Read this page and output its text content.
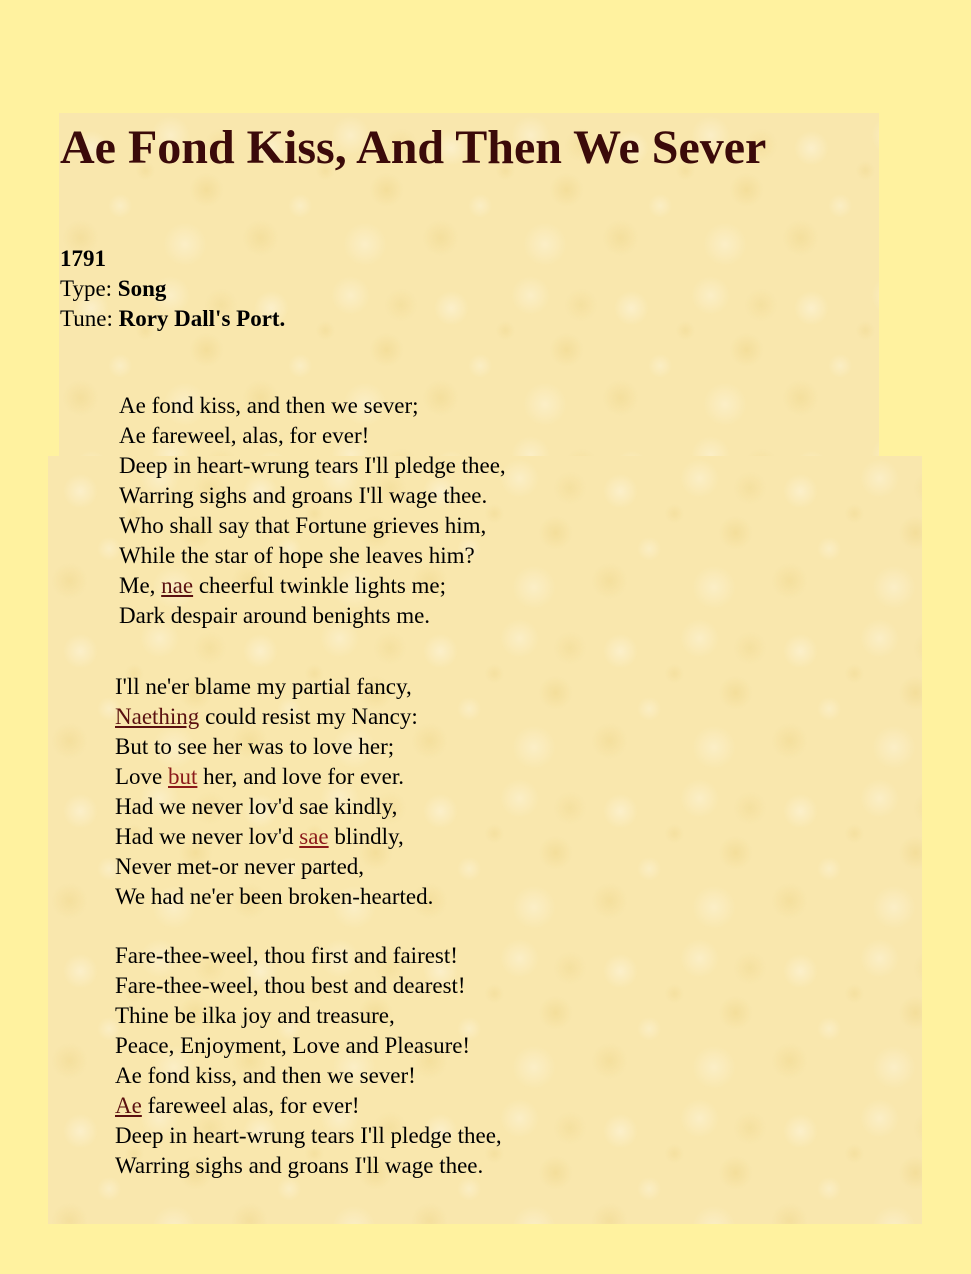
Ae Fond Kiss, And Then We Sever
1791
Type: Song
Tune: Rory Dall's Port.
Ae fond kiss, and then we sever;
Ae fareweel, alas, for ever!
Deep in heart-wrung tears I'll pledge thee,
Warring sighs and groans I'll wage thee.
Who shall say that Fortune grieves him,
While the star of hope she leaves him?
Me, nae cheerful twinkle lights me;
Dark despair around benights me.
I'll ne'er blame my partial fancy,
Naething could resist my Nancy:
But to see her was to love her;
Love but her, and love for ever.
Had we never lov'd sae kindly,
Had we never lov'd sae blindly,
Never met-or never parted,
We had ne'er been broken-hearted.
Fare-thee-weel, thou first and fairest!
Fare-thee-weel, thou best and dearest!
Thine be ilka joy and treasure,
Peace, Enjoyment, Love and Pleasure!
Ae fond kiss, and then we sever!
Ae fareweel alas, for ever!
Deep in heart-wrung tears I'll pledge thee,
Warring sighs and groans I'll wage thee.
